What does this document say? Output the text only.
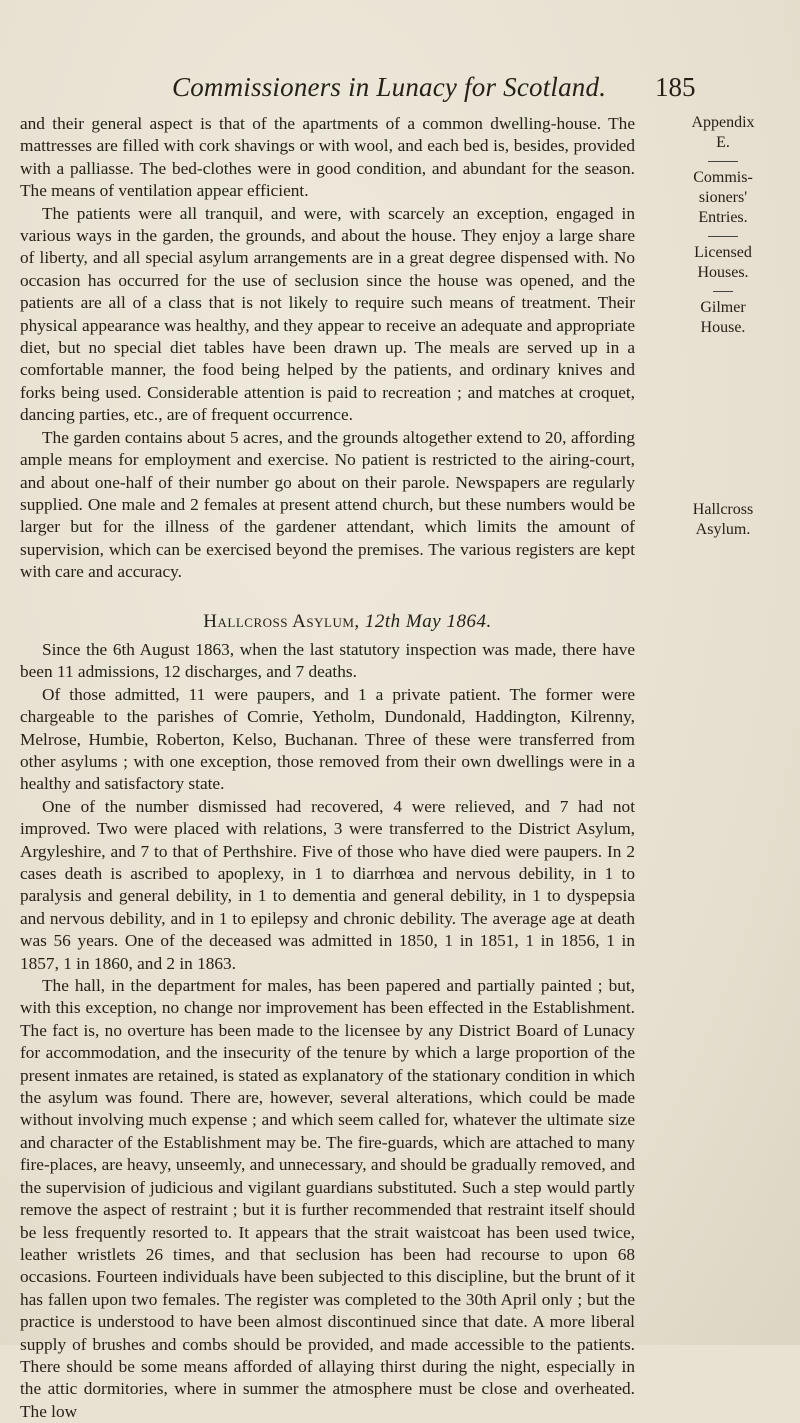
Commissioners in Lunacy for Scotland. 185

and their general aspect is that of the apartments of a common dwelling-house. The mattresses are filled with cork shavings or with wool, and each bed is, besides, provided with a palliasse. The bed-clothes were in good condition, and abundant for the season. The means of ventilation appear efficient.

The patients were all tranquil, and were, with scarcely an exception, engaged in various ways in the garden, the grounds, and about the house. They enjoy a large share of liberty, and all special asylum arrangements are in a great degree dispensed with. No occasion has occurred for the use of seclusion since the house was opened, and the patients are all of a class that is not likely to require such means of treatment. Their physical appearance was healthy, and they appear to receive an adequate and appropriate diet, but no special diet tables have been drawn up. The meals are served up in a comfortable manner, the food being helped by the patients, and ordinary knives and forks being used. Considerable attention is paid to recreation ; and matches at croquet, dancing parties, etc., are of frequent occurrence.

The garden contains about 5 acres, and the grounds altogether extend to 20, affording ample means for employment and exercise. No patient is restricted to the airing-court, and about one-half of their number go about on their parole. Newspapers are regularly supplied. One male and 2 females at present attend church, but these numbers would be larger but for the illness of the gardener attendant, which limits the amount of supervision, which can be exercised beyond the premises. The various registers are kept with care and accuracy.

Hallcross Asylum, 12th May 1864.

Since the 6th August 1863, when the last statutory inspection was made, there have been 11 admissions, 12 discharges, and 7 deaths.

Of those admitted, 11 were paupers, and 1 a private patient. The former were chargeable to the parishes of Comrie, Yetholm, Dundonald, Haddington, Kilrenny, Melrose, Humbie, Roberton, Kelso, Buchanan. Three of these were transferred from other asylums ; with one exception, those removed from their own dwellings were in a healthy and satisfactory state.

One of the number dismissed had recovered, 4 were relieved, and 7 had not improved. Two were placed with relations, 3 were transferred to the District Asylum, Argyleshire, and 7 to that of Perthshire. Five of those who have died were paupers. In 2 cases death is ascribed to apoplexy, in 1 to diarrhœa and nervous debility, in 1 to paralysis and general debility, in 1 to dementia and general debility, in 1 to dyspepsia and nervous debility, and in 1 to epilepsy and chronic debility. The average age at death was 56 years. One of the deceased was admitted in 1850, 1 in 1851, 1 in 1856, 1 in 1857, 1 in 1860, and 2 in 1863.

The hall, in the department for males, has been papered and partially painted ; but, with this exception, no change nor improvement has been effected in the Establishment. The fact is, no overture has been made to the licensee by any District Board of Lunacy for accommodation, and the insecurity of the tenure by which a large proportion of the present inmates are retained, is stated as explanatory of the stationary condition in which the asylum was found. There are, however, several alterations, which could be made without involving much expense ; and which seem called for, whatever the ultimate size and character of the Establishment may be. The fire-guards, which are attached to many fire-places, are heavy, unseemly, and unnecessary, and should be gradually removed, and the supervision of judicious and vigilant guardians substituted. Such a step would partly remove the aspect of restraint ; but it is further recommended that restraint itself should be less frequently resorted to. It appears that the strait waistcoat has been used twice, leather wristlets 26 times, and that seclusion has been had recourse to upon 68 occasions. Fourteen individuals have been subjected to this discipline, but the brunt of it has fallen upon two females. The register was completed to the 30th April only ; but the practice is understood to have been almost discontinued since that date. A more liberal supply of brushes and combs should be provided, and made accessible to the patients. There should be some means afforded of allaying thirst during the night, especially in the attic dormitories, where in summer the atmosphere must be close and overheated. The low

Appendix
E.
Commis-
sioners'
Entries.
Licensed
Houses.
Gilmer
House.
Hallcross
Asylum.
